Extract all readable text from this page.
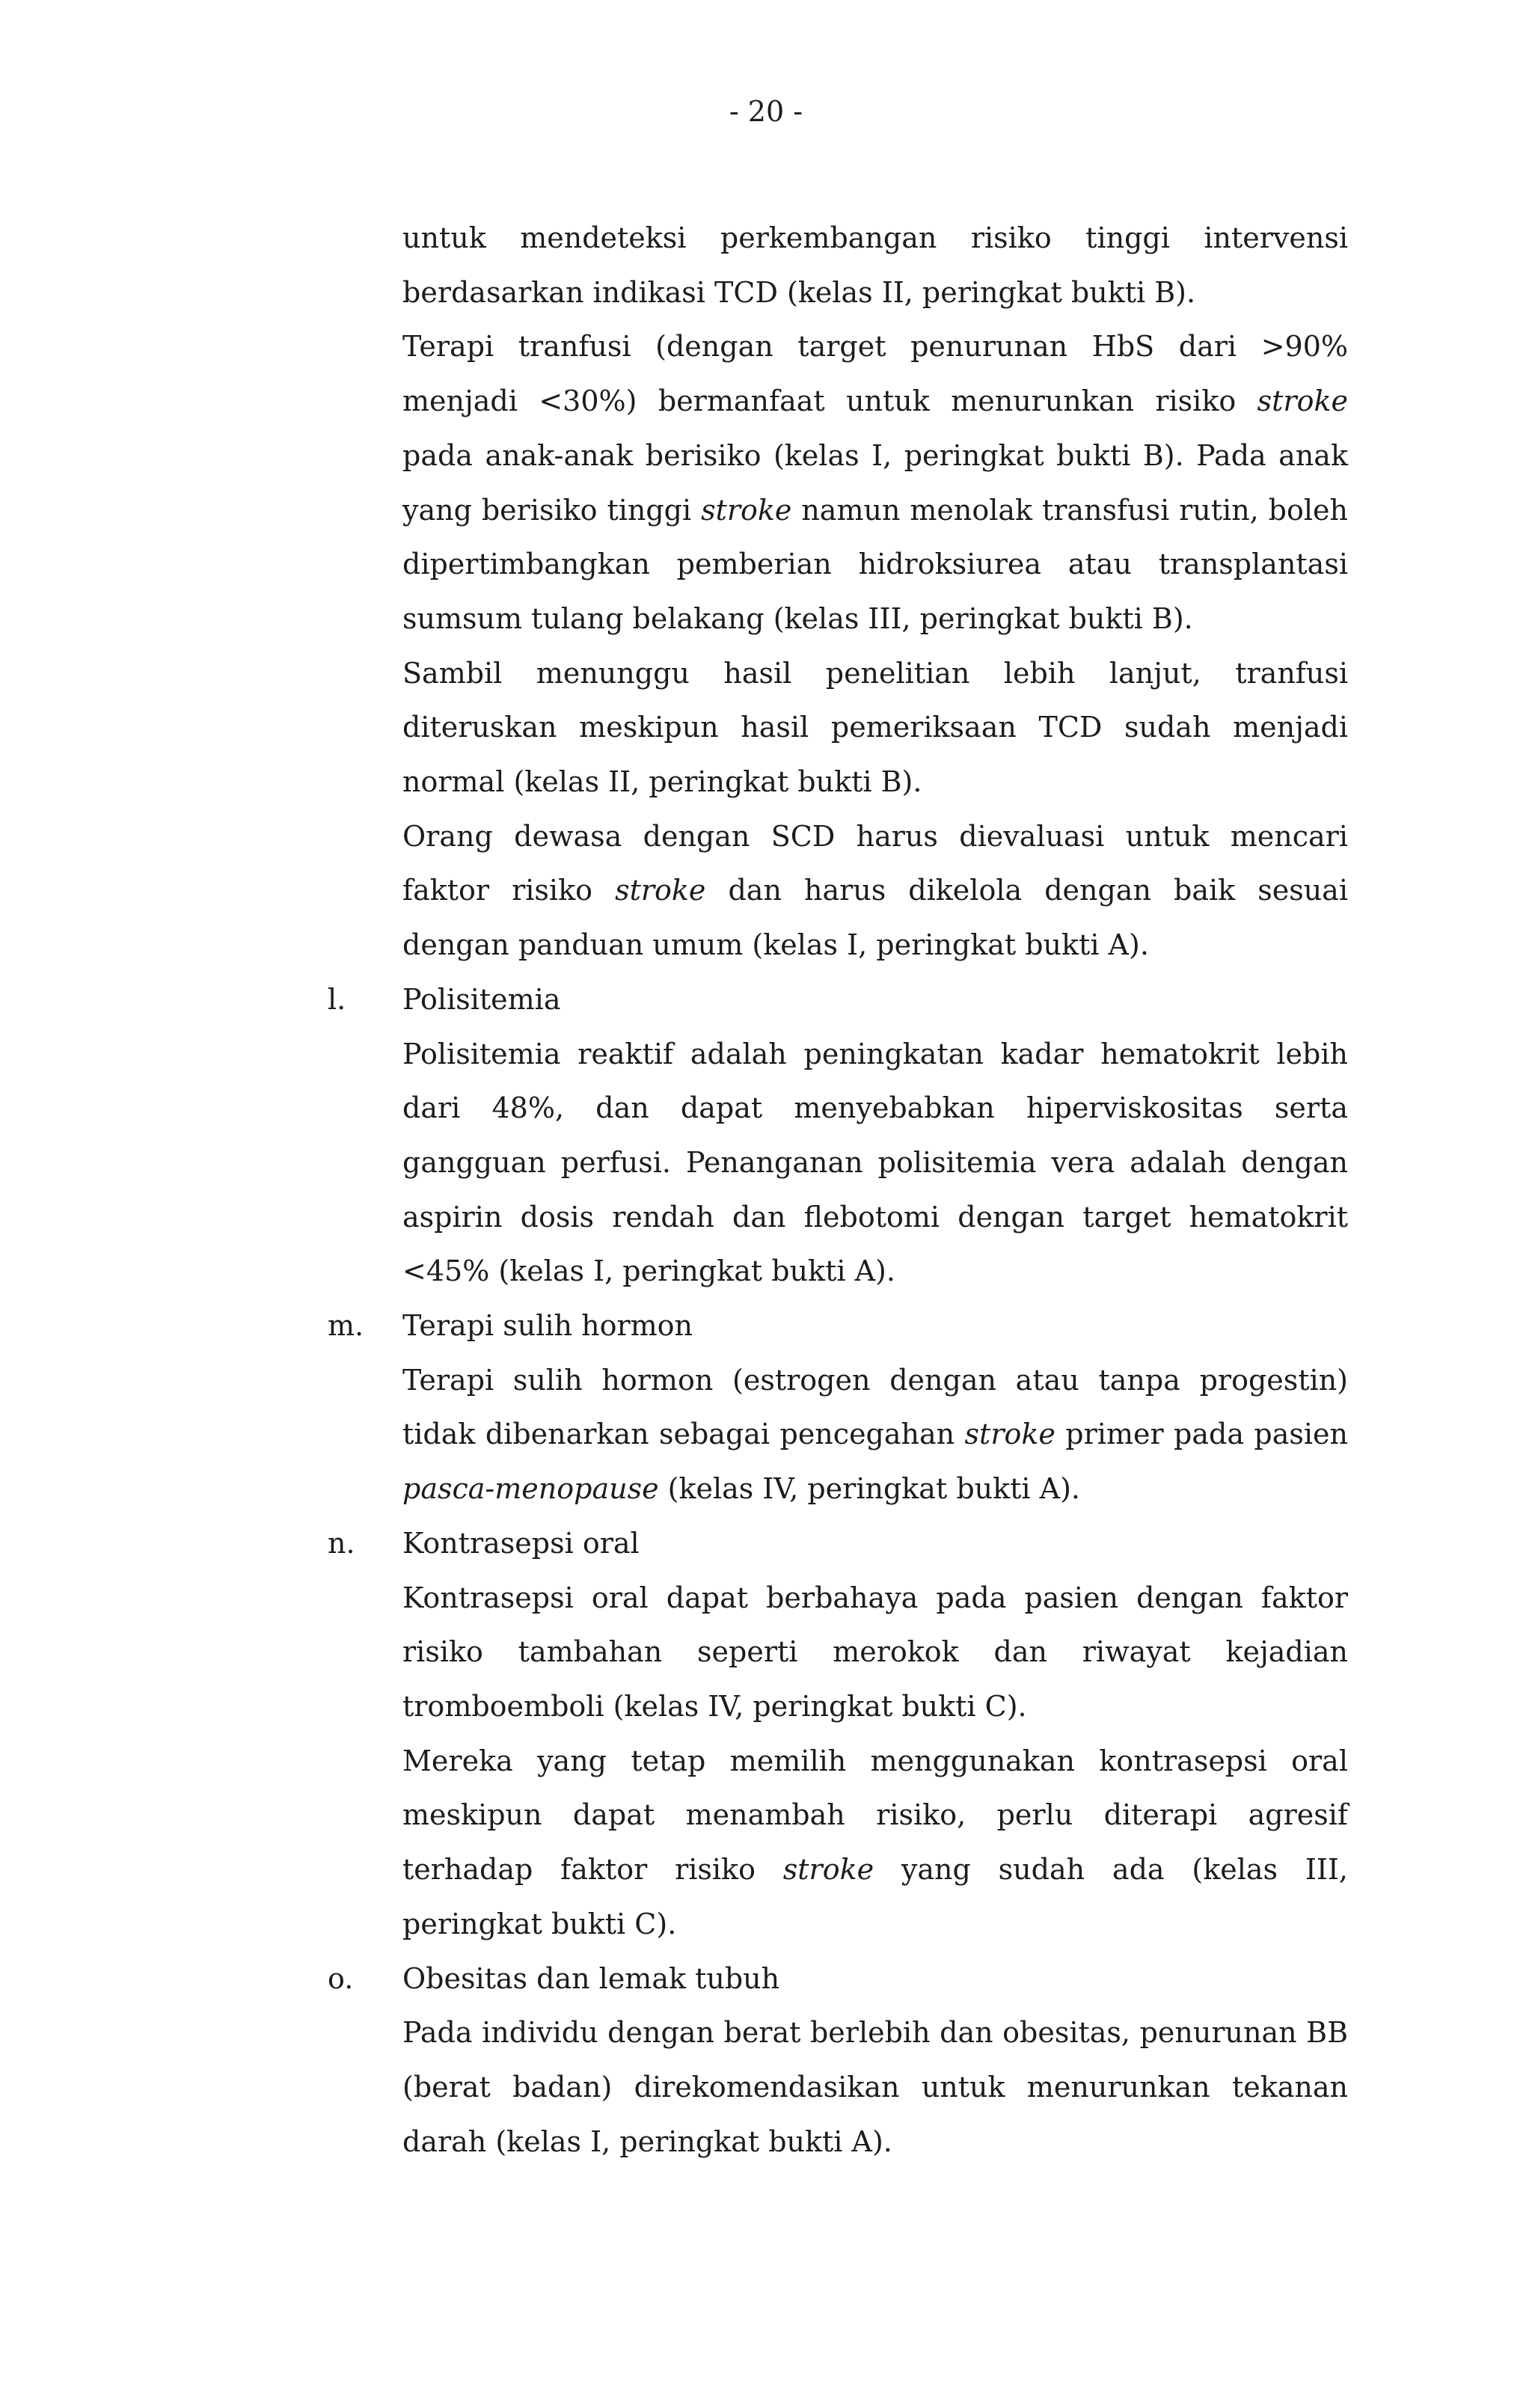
- 20 -

untuk mendeteksi perkembangan risiko tinggi intervensi berdasarkan indikasi TCD (kelas II, peringkat bukti B).

Terapi tranfusi (dengan target penurunan HbS dari >90% menjadi <30%) bermanfaat untuk menurunkan risiko stroke pada anak-anak berisiko (kelas I, peringkat bukti B). Pada anak yang berisiko tinggi stroke namun menolak transfusi rutin, boleh dipertimbangkan pemberian hidroksiurea atau transplantasi sumsum tulang belakang (kelas III, peringkat bukti B).

Sambil menunggu hasil penelitian lebih lanjut, tranfusi diteruskan meskipun hasil pemeriksaan TCD sudah menjadi normal (kelas II, peringkat bukti B).

Orang dewasa dengan SCD harus dievaluasi untuk mencari faktor risiko stroke dan harus dikelola dengan baik sesuai dengan panduan umum (kelas I, peringkat bukti A).

l. Polisitemia

Polisitemia reaktif adalah peningkatan kadar hematokrit lebih dari 48%, dan dapat menyebabkan hiperviskositas serta gangguan perfusi. Penanganan polisitemia vera adalah dengan aspirin dosis rendah dan flebotomi dengan target hematokrit <45% (kelas I, peringkat bukti A).

m. Terapi sulih hormon

Terapi sulih hormon (estrogen dengan atau tanpa progestin) tidak dibenarkan sebagai pencegahan stroke primer pada pasien pasca-menopause (kelas IV, peringkat bukti A).

n. Kontrasepsi oral

Kontrasepsi oral dapat berbahaya pada pasien dengan faktor risiko tambahan seperti merokok dan riwayat kejadian tromboemboli (kelas IV, peringkat bukti C).

Mereka yang tetap memilih menggunakan kontrasepsi oral meskipun dapat menambah risiko, perlu diterapi agresif terhadap faktor risiko stroke yang sudah ada (kelas III, peringkat bukti C).

o. Obesitas dan lemak tubuh

Pada individu dengan berat berlebih dan obesitas, penurunan BB (berat badan) direkomendasikan untuk menurunkan tekanan darah (kelas I, peringkat bukti A).
